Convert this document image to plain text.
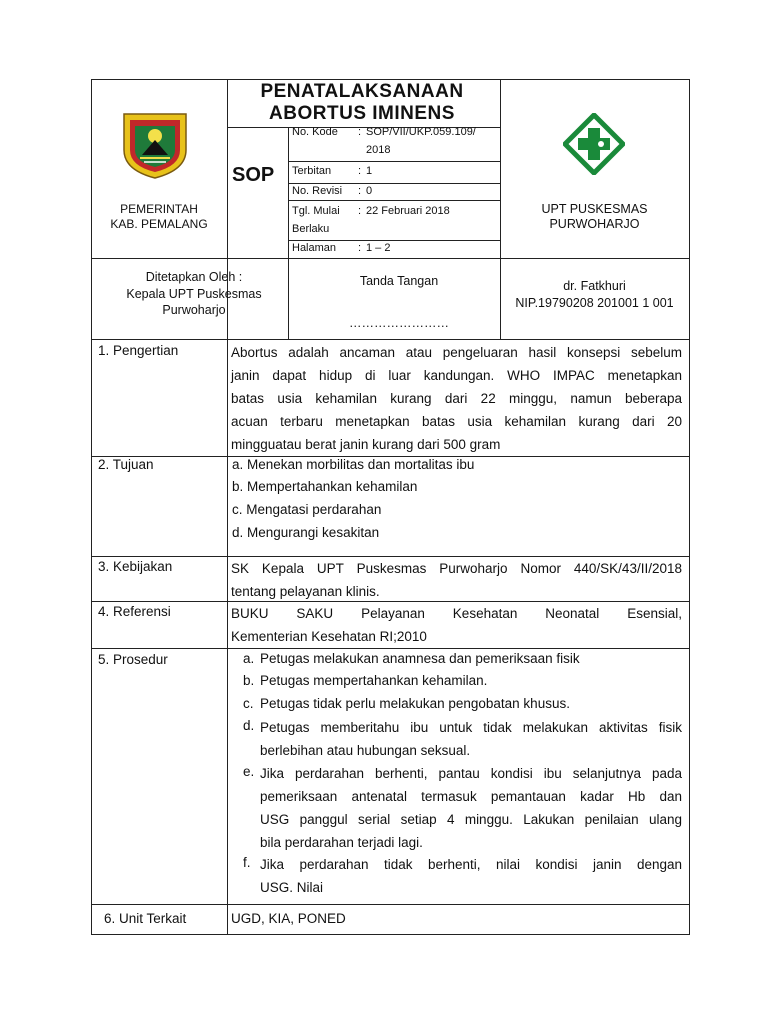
PEMERINTAH
KAB. PEMALANG
PENATALAKSANAAN
ABORTUS IMINENS
SOP
No. Kode : SOP/VII/UKP.059.109/
2018
Terbitan : 1
No. Revisi : 0
Tgl. Mulai : 22 Februari 2018
Berlaku
Halaman : 1 – 2
UPT PUSKESMAS
PURWOHARJO
Ditetapkan Oleh :
Kepala UPT Puskesmas
Purwoharjo
Tanda Tangan
……………………
dr. Fatkhuri
NIP.19790208 201001 1 001
1. Pengertian	Abortus adalah ancaman atau pengeluaran hasil konsepsi sebelum
janin dapat hidup di luar kandungan. WHO IMPAC menetapkan
batas usia kehamilan kurang dari 22 minggu, namun beberapa
acuan terbaru menetapkan batas usia kehamilan kurang dari 20
mingguatau berat janin kurang dari 500 gram
2. Tujuan	a. Menekan morbilitas dan mortalitas ibu
b. Mempertahankan kehamilan
c. Mengatasi perdarahan
d. Mengurangi kesakitan
3. Kebijakan	SK Kepala UPT Puskesmas Purwoharjo Nomor 440/SK/43/II/2018
tentang pelayanan klinis.
4. Referensi	BUKU SAKU Pelayanan Kesehatan Neonatal Esensial,
Kementerian Kesehatan RI;2010
5. Prosedur	a. Petugas melakukan anamnesa dan pemeriksaan fisik
b. Petugas mempertahankan kehamilan.
c. Petugas tidak perlu melakukan pengobatan khusus.
d. Petugas memberitahu ibu untuk tidak melakukan aktivitas fisik
berlebihan atau hubungan seksual.
e. Jika perdarahan berhenti, pantau kondisi ibu selanjutnya pada
pemeriksaan antenatal termasuk pemantauan kadar Hb dan
USG panggul serial setiap 4 minggu. Lakukan penilaian ulang
bila perdarahan terjadi lagi.
f. Jika perdarahan tidak berhenti, nilai kondisi janin dengan
USG. Nilai
6. Unit Terkait	UGD, KIA, PONED
